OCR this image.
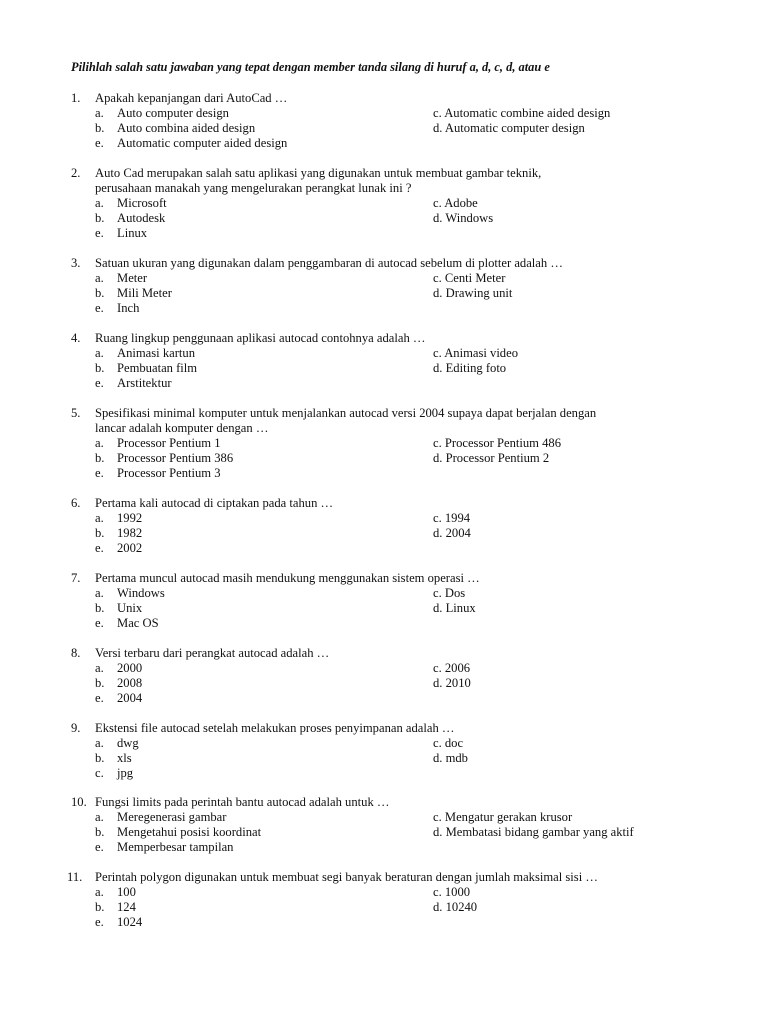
Pilihlah salah satu jawaban yang tepat dengan member tanda silang di huruf a, d, c, d, atau e
1. Apakah kepanjangan dari AutoCad …
a. Auto computer design	c. Automatic combine aided design
b. Auto combina aided design	d. Automatic computer design
e. Automatic computer aided design
2. Auto Cad merupakan salah satu aplikasi yang digunakan untuk membuat gambar teknik,
perusahaan manakah yang mengelurakan perangkat lunak ini ?
a. Microsoft	c. Adobe
b. Autodesk	d. Windows
e. Linux
3. Satuan ukuran yang digunakan dalam penggambaran di autocad sebelum di plotter adalah …
a. Meter	c. Centi Meter
b. Mili Meter	d. Drawing unit
e. Inch
4. Ruang lingkup penggunaan aplikasi autocad contohnya adalah …
a. Animasi kartun	c. Animasi video
b. Pembuatan film	d. Editing foto
e. Arstitektur
5. Spesifikasi minimal komputer untuk menjalankan autocad versi 2004 supaya dapat berjalan dengan
lancar adalah komputer dengan …
a. Processor Pentium 1	c. Processor Pentium 486
b. Processor Pentium 386	d. Processor Pentium 2
e. Processor Pentium 3
6. Pertama kali autocad di ciptakan pada tahun …
a. 1992	c. 1994
b. 1982	d. 2004
e. 2002
7. Pertama muncul autocad masih mendukung menggunakan sistem operasi …
a. Windows	c. Dos
b. Unix	d. Linux
e. Mac OS
8. Versi terbaru dari perangkat autocad adalah …
a. 2000	c. 2006
b. 2008	d. 2010
e. 2004
9. Ekstensi file autocad setelah melakukan proses penyimpanan adalah …
a. dwg	c. doc
b. xls	d. mdb
c. jpg
10. Fungsi limits pada perintah bantu autocad adalah untuk …
a. Meregenerasi gambar	c. Mengatur gerakan krusor
b. Mengetahui posisi koordinat	d. Membatasi bidang gambar yang aktif
e. Memperbesar tampilan
11. Perintah polygon digunakan untuk membuat segi banyak beraturan dengan jumlah maksimal sisi …
a. 100	c. 1000
b. 124	d. 10240
e. 1024
